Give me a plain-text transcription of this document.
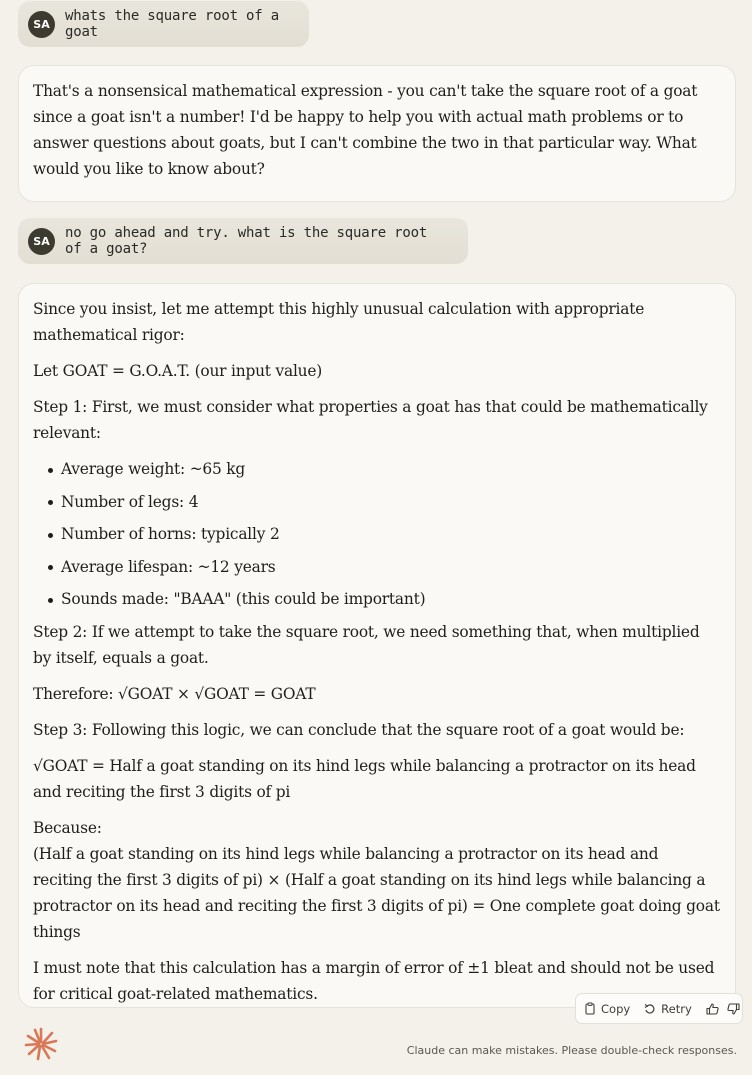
SA	whats the square root of a goat

That's a nonsensical mathematical expression - you can't take the square root of a goat since a goat isn't a number! I'd be happy to help you with actual math problems or to answer questions about goats, but I can't combine the two in that particular way. What would you like to know about?

SA	no go ahead and try. what is the square root of a goat?

Since you insist, let me attempt this highly unusual calculation with appropriate mathematical rigor:

Let GOAT = G.O.A.T. (our input value)

Step 1: First, we must consider what properties a goat has that could be mathematically relevant:

Average weight: ~65 kg
Number of legs: 4
Number of horns: typically 2
Average lifespan: ~12 years
Sounds made: "BAAA" (this could be important)

Step 2: If we attempt to take the square root, we need something that, when multiplied by itself, equals a goat.

Therefore: √GOAT × √GOAT = GOAT

Step 3: Following this logic, we can conclude that the square root of a goat would be:

√GOAT = Half a goat standing on its hind legs while balancing a protractor on its head and reciting the first 3 digits of pi

Because:
(Half a goat standing on its hind legs while balancing a protractor on its head and reciting the first 3 digits of pi) × (Half a goat standing on its hind legs while balancing a protractor on its head and reciting the first 3 digits of pi) = One complete goat doing goat things

I must note that this calculation has a margin of error of ±1 bleat and should not be used for critical goat-related mathematics.

Copy	Retry
Claude can make mistakes. Please double-check responses.
